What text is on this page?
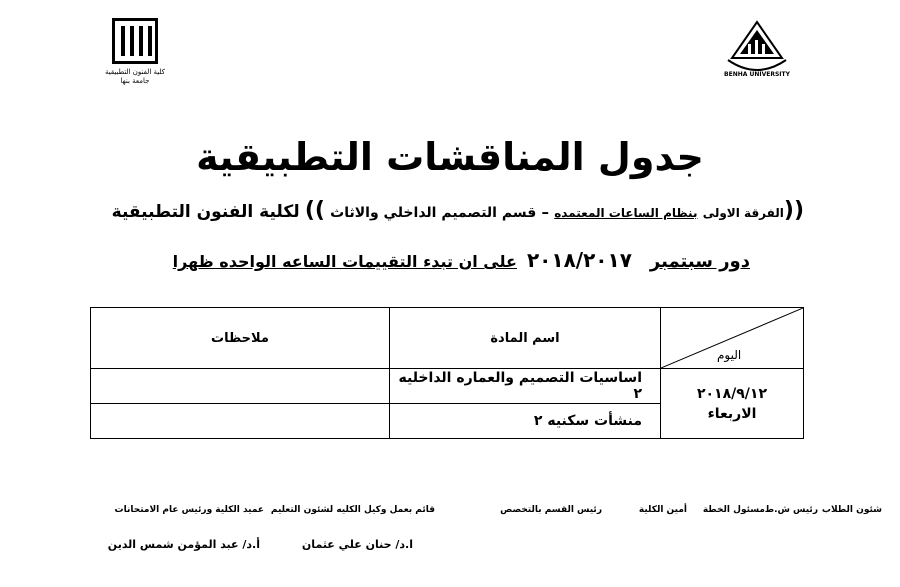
كلية الفنون التطبيقية
جامعة بنها
BENHA UNIVERSITY
جدول المناقشات التطبيقية
((الفرقة الاولى بنظام الساعات المعتمده – قسم التصميم الداخلي والاثاث )) لكلية الفنون التطبيقية
دور سبتمبر٢٠١٨/٢٠١٧على ان تبدء التقييمات الساعه الواحده ظهرا
اليوم	اسم المادة	ملاحظات

٢٠١٨/٩/١٢
الاربعاء	اساسيات التصميم والعماره الداخليه ٢	
	منشأت سكنيه ٢	
شئون الطلاب
رئيس ش.ط
مسئول الخطة
أمين الكلية
رئيس القسم بالتخصص
قائم بعمل وكيل الكليه لشئون التعليم
عميد الكلية ورئيس عام الامتحانات
ا.د/ حنان علي عثمان
أ.د/ عبد المؤمن شمس الدين
